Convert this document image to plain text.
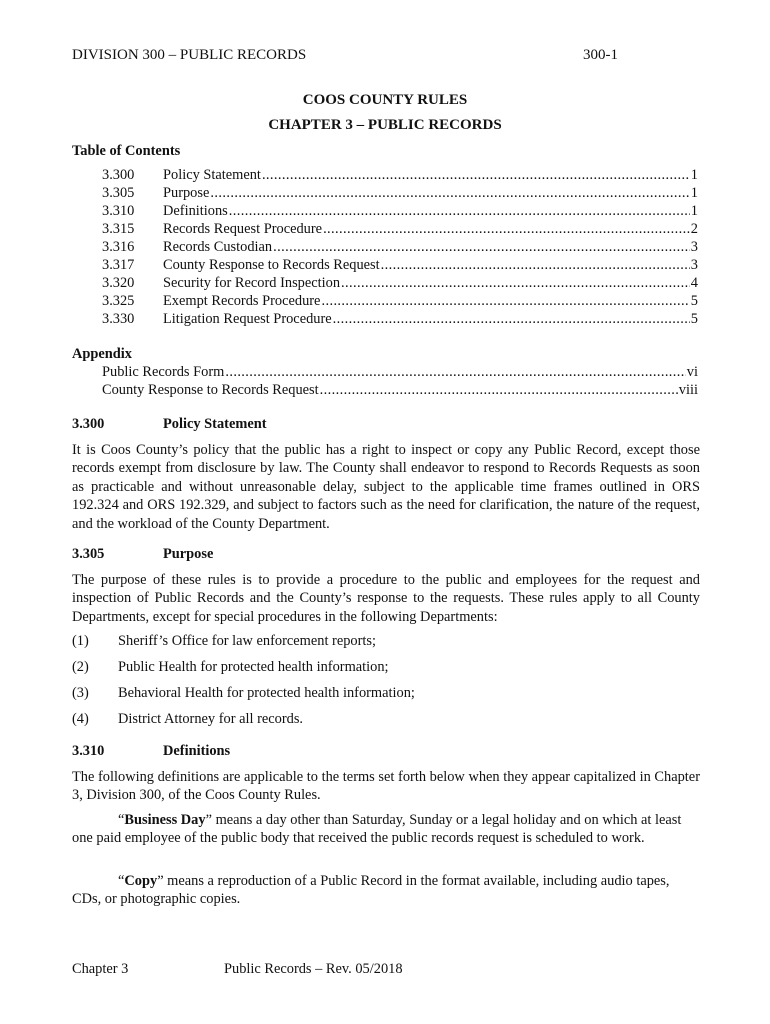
DIVISION 300 – PUBLIC RECORDS	300-1
COOS COUNTY RULES
CHAPTER 3 – PUBLIC RECORDS
Table of Contents
3.300	Policy Statement . . .	1
3.305	Purpose . . .	1
3.310	Definitions . . .	1
3.315	Records Request Procedure . . .	2
3.316	Records Custodian . . .	3
3.317	County Response to Records Request . . .	3
3.320	Security for Record Inspection . . .	4
3.325	Exempt Records Procedure . . .	5
3.330	Litigation Request Procedure . . .	5
Appendix
Public Records Form . . .	vi
County Response to Records Request . . .	viii
3.300	Policy Statement
It is Coos County’s policy that the public has a right to inspect or copy any Public Record, except those records exempt from disclosure by law. The County shall endeavor to respond to Records Requests as soon as practicable and without unreasonable delay, subject to the applicable time frames outlined in ORS 192.324 and ORS 192.329, and subject to factors such as the need for clarification, the nature of the request, and the workload of the County Department.
3.305	Purpose
The purpose of these rules is to provide a procedure to the public and employees for the request and inspection of Public Records and the County’s response to the requests. These rules apply to all County Departments, except for special procedures in the following Departments:
(1)	Sheriff’s Office for law enforcement reports;
(2)	Public Health for protected health information;
(3)	Behavioral Health for protected health information;
(4)	District Attorney for all records.
3.310	Definitions
The following definitions are applicable to the terms set forth below when they appear capitalized in Chapter 3, Division 300, of the Coos County Rules.
“Business Day” means a day other than Saturday, Sunday or a legal holiday and on which at least one paid employee of the public body that received the public records request is scheduled to work.
“Copy” means a reproduction of a Public Record in the format available, including audio tapes, CDs, or photographic copies.
Chapter 3	Public Records – Rev. 05/2018
